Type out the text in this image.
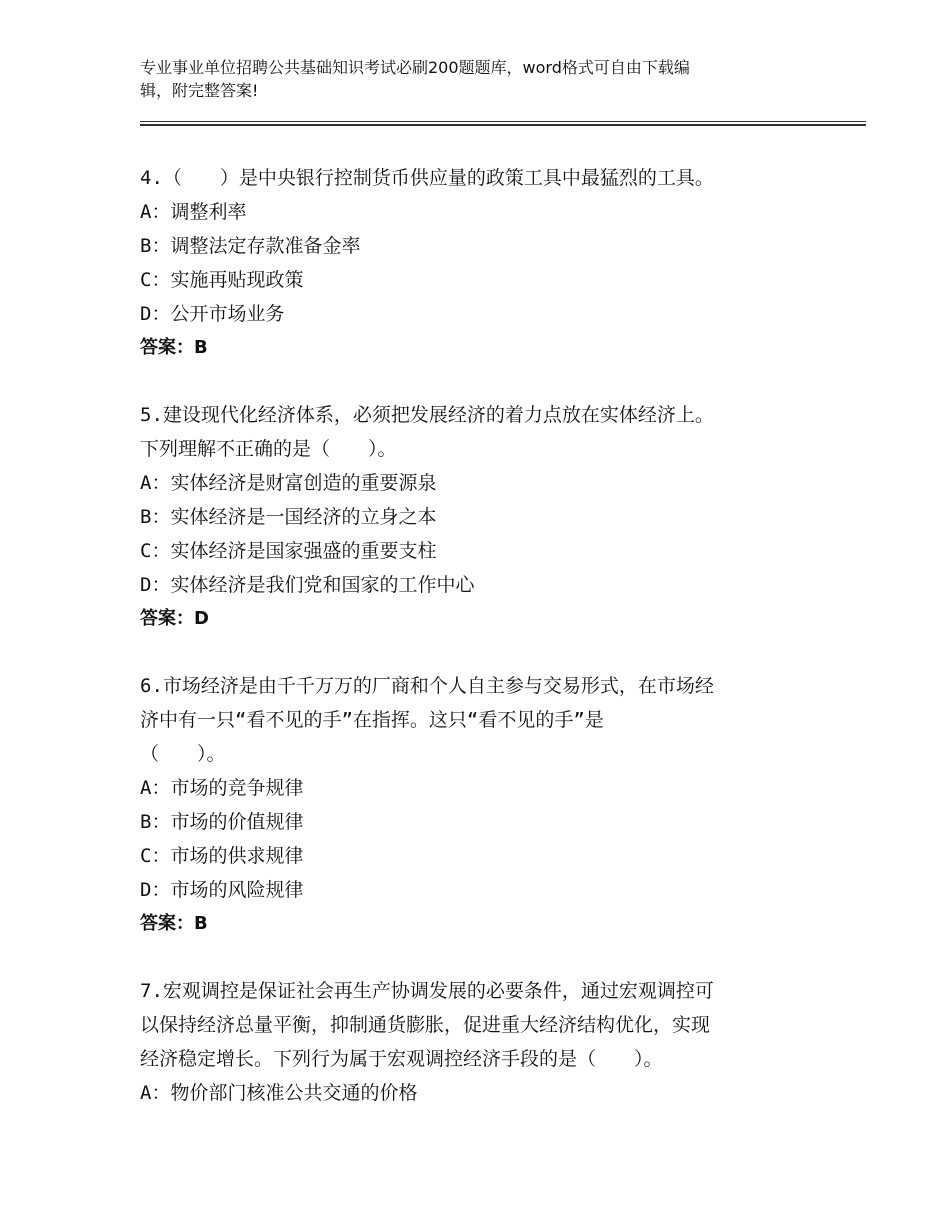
专业事业单位招聘公共基础知识考试必刷200题题库，word格式可自由下载编
辑，附完整答案!
4.（　　）是中央银行控制货币供应量的政策工具中最猛烈的工具。
A：调整利率
B：调整法定存款准备金率
C：实施再贴现政策
D：公开市场业务
答案：B
5.建设现代化经济体系，必须把发展经济的着力点放在实体经济上。
下列理解不正确的是（　　）。
A：实体经济是财富创造的重要源泉
B：实体经济是一国经济的立身之本
C：实体经济是国家强盛的重要支柱
D：实体经济是我们党和国家的工作中心
答案：D
6.市场经济是由千千万万的厂商和个人自主参与交易形式，在市场经
济中有一只“看不见的手”在指挥。这只“看不见的手”是
（　　）。
A：市场的竞争规律
B：市场的价值规律
C：市场的供求规律
D：市场的风险规律
答案：B
7.宏观调控是保证社会再生产协调发展的必要条件，通过宏观调控可
以保持经济总量平衡，抑制通货膨胀，促进重大经济结构优化，实现
经济稳定增长。下列行为属于宏观调控经济手段的是（　　）。
A：物价部门核准公共交通的价格
